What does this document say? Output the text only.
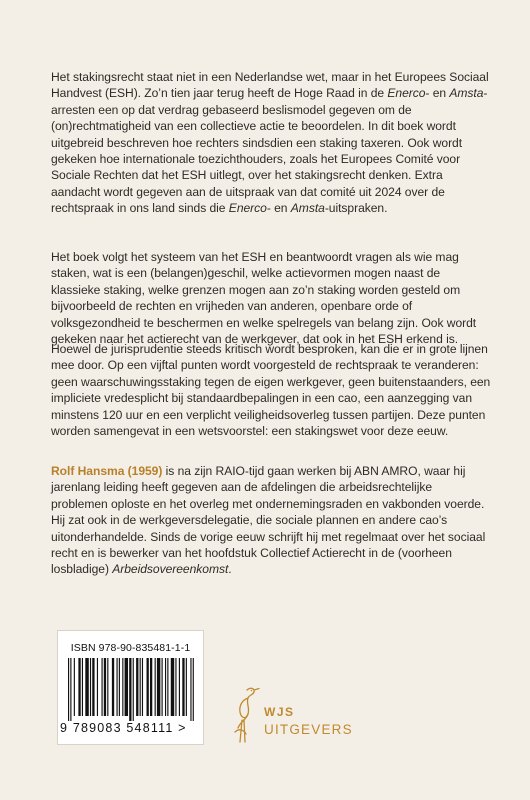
Het stakingsrecht staat niet in een Nederlandse wet, maar in het Europees Sociaal Handvest (ESH). Zo’n tien jaar terug heeft de Hoge Raad in de Enerco- en Amsta-arresten een op dat verdrag gebaseerd beslismodel gegeven om de (on)rechtmatigheid van een collectieve actie te beoordelen. In dit boek wordt uitgebreid beschreven hoe rechters sindsdien een staking taxeren. Ook wordt gekeken hoe internationale toezichthouders, zoals het Europees Comité voor Sociale Rechten dat het ESH uitlegt, over het stakingsrecht denken. Extra aandacht wordt gegeven aan de uitspraak van dat comité uit 2024 over de rechtspraak in ons land sinds die Enerco- en Amsta-uitspraken.

Het boek volgt het systeem van het ESH en beantwoordt vragen als wie mag staken, wat is een (belangen)geschil, welke actievormen mogen naast de klassieke staking, welke grenzen mogen aan zo’n staking worden gesteld om bijvoorbeeld de rechten en vrijheden van anderen, openbare orde of volksgezondheid te beschermen en welke spelregels van belang zijn. Ook wordt gekeken naar het actierecht van de werkgever, dat ook in het ESH erkend is.

Hoewel de jurisprudentie steeds kritisch wordt besproken, kan die er in grote lijnen mee door. Op een vijftal punten wordt voorgesteld de rechtspraak te veranderen: geen waarschuwingsstaking tegen de eigen werkgever, geen buitenstaanders, een impliciete vredesplicht bij standaardbepalingen in een cao, een aanzegging van minstens 120 uur en een verplicht veiligheidsoverleg tussen partijen. Deze punten worden samengevat in een wetsvoorstel: een stakingswet voor deze eeuw.

Rolf Hansma (1959) is na zijn RAIO-tijd gaan werken bij ABN AMRO, waar hij jarenlang leiding heeft gegeven aan de afdelingen die arbeidsrechtelijke problemen oploste en het overleg met ondernemingsraden en vakbonden voerde. Hij zat ook in de werkgeversdelegatie, die sociale plannen en andere cao’s uitonderhandelde. Sinds de vorige eeuw schrijft hij met regelmaat over het sociaal recht en is bewerker van het hoofdstuk Collectief Actierecht in de (voorheen losbladige) Arbeidsovereenkomst.

ISBN 978-90-835481-1-1
9 789083 548111 >
WJS
UITGEVERS
